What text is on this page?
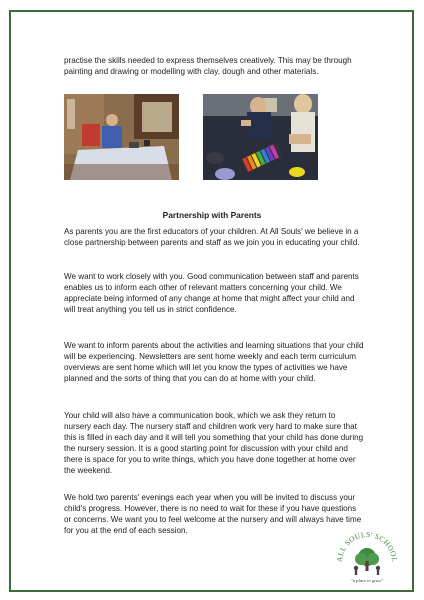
practise the skills needed to express themselves creatively. This may be through painting and drawing or modelling with clay, dough and other materials.

Partnership with Parents

As parents you are the first educators of your children. At All Souls' we believe in a close partnership between parents and staff as we join you in educating your child.

We want to work closely with you. Good communication between staff and parents enables us to inform each other of relevant matters concerning your child. We appreciate being informed of any change at home that might affect your child and will treat anything you tell us in strict confidence.

We want to inform parents about the activities and learning situations that your child will be experiencing. Newsletters are sent home weekly and each term curriculum overviews are sent home which will let you know the types of activities we have planned and the sorts of thing that you can do at home with your child.

Your child will also have a communication book, which we ask they return to nursery each day. The nursery staff and children work very hard to make sure that this is filled in each day and it will tell you something that your child has done during the nursery session. It is a good starting point for discussion with your child and there is space for you to write things, which you have done together at home over the weekend.

We hold two parents' evenings each year when you will be invited to discuss your child's progress. However, there is no need to wait for these if you have questions or concerns. We want you to feel welcome at the nursery and will always have time for you at the end of each session.

ALL SOULS' SCHOOL
"a place to grow"
